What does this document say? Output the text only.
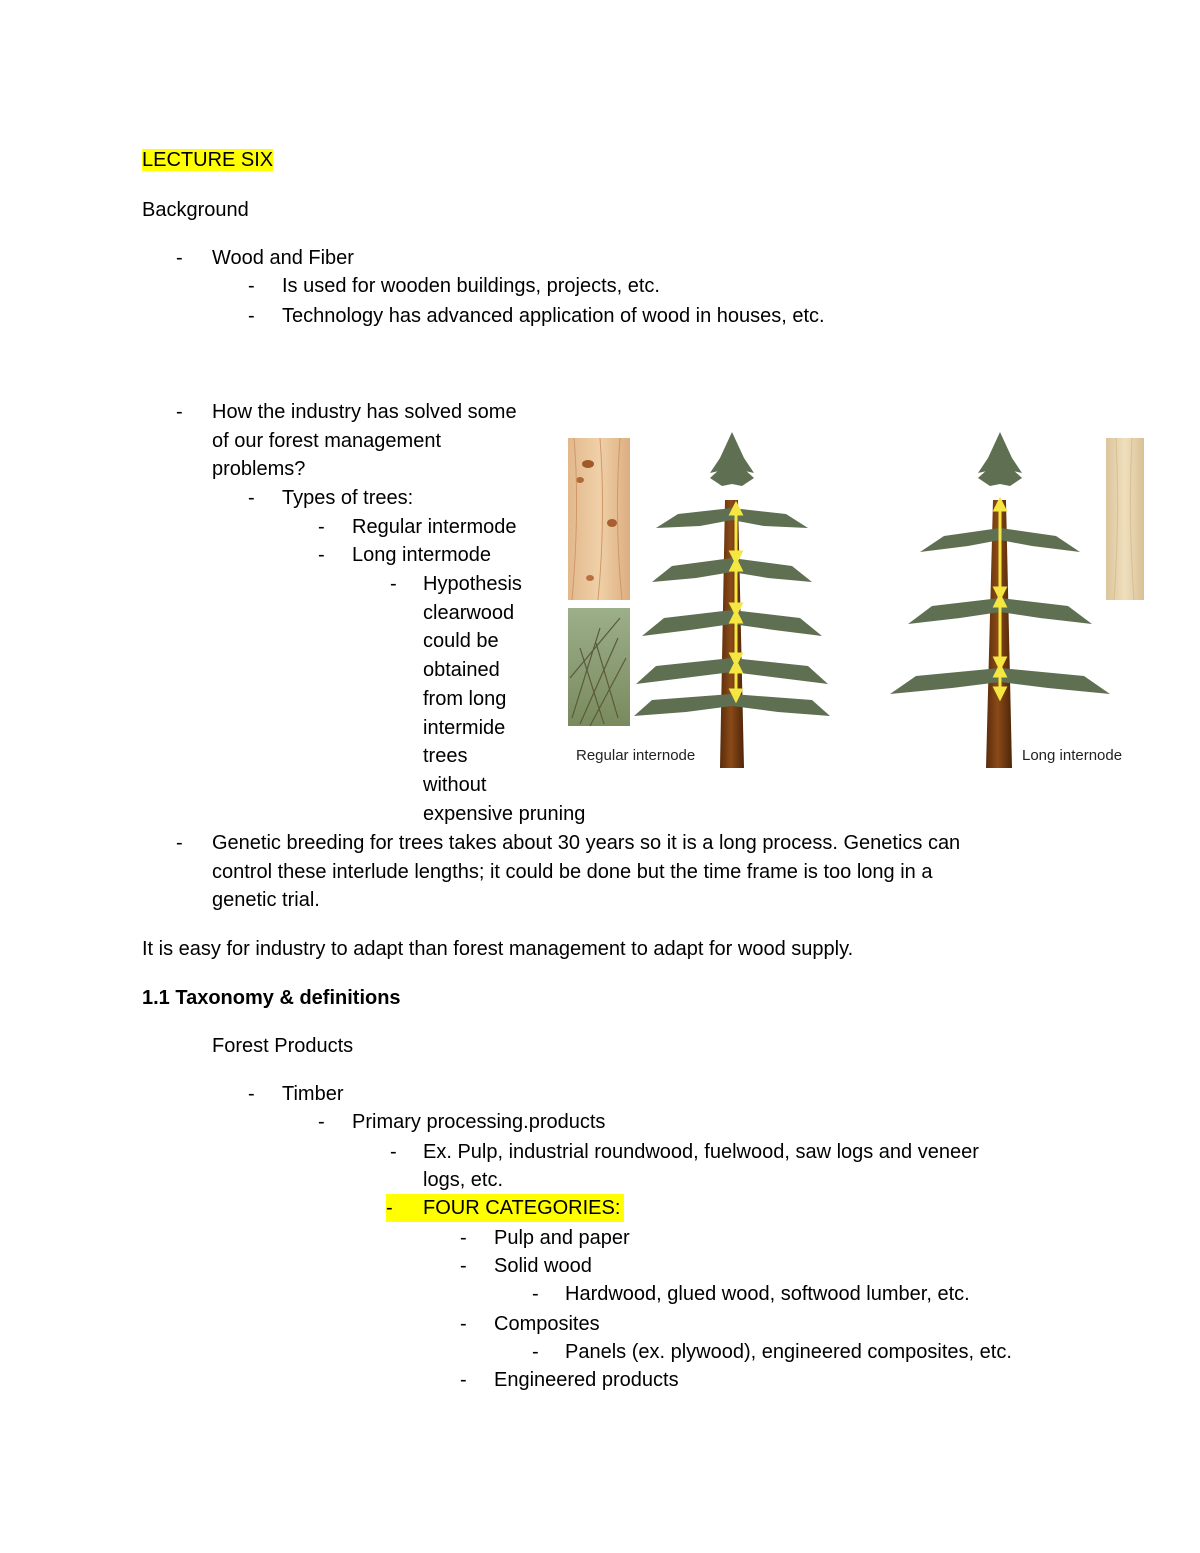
LECTURE SIX
Background
- Wood and Fiber
- Is used for wooden buildings, projects, etc.
- Technology has advanced application of wood in houses, etc.
- How the industry has solved some
of our forest management
problems?
- Types of trees:
- Regular intermode
- Long intermode
- Hypothesis
clearwood
could be
obtained
from long
intermide
trees
without
expensive pruning
Regular internode	Long internode
- Genetic breeding for trees takes about 30 years so it is a long process. Genetics can
control these interlude lengths; it could be done but the time frame is too long in a
genetic trial.
It is easy for industry to adapt than forest management to adapt for wood supply.
1.1 Taxonomy & definitions
Forest Products
- Timber
- Primary processing.products
- Ex. Pulp, industrial roundwood, fuelwood, saw logs and veneer
logs, etc.
- FOUR CATEGORIES:
- Pulp and paper
- Solid wood
- Hardwood, glued wood, softwood lumber, etc.
- Composites
- Panels (ex. plywood), engineered composites, etc.
- Engineered products
